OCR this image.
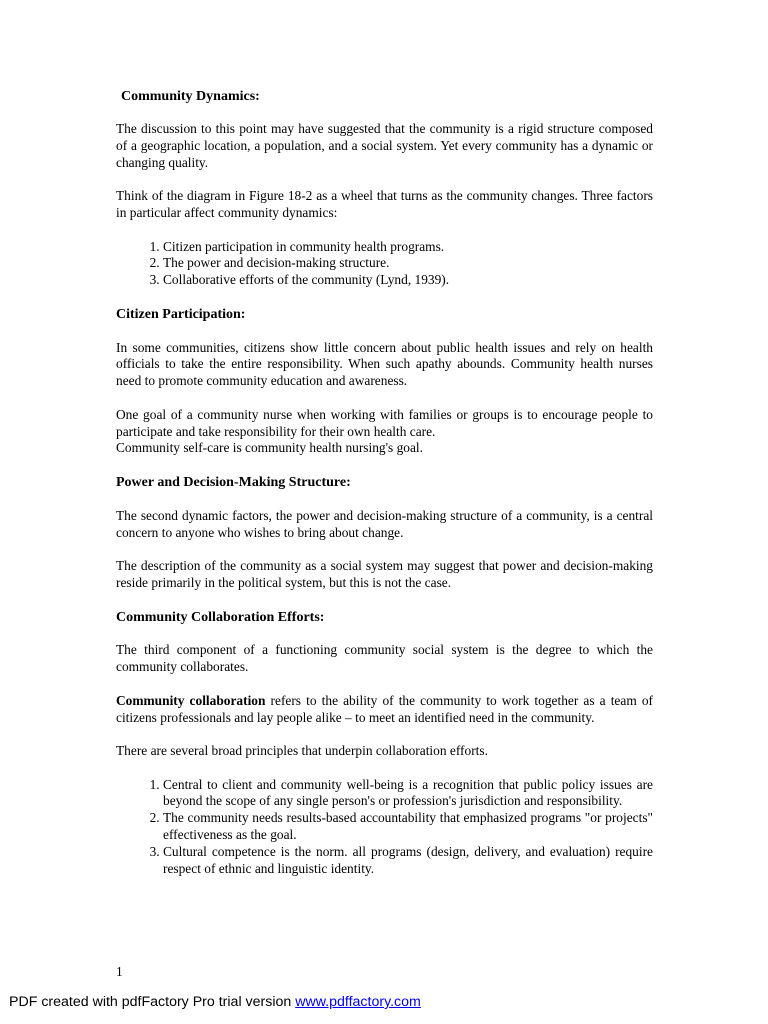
Community Dynamics:

The discussion to this point may have suggested that the community is a rigid structure composed of a geographic location, a population, and a social system. Yet every community has a dynamic or changing quality.

Think of the diagram in Figure 18-2 as a wheel that turns as the community changes. Three factors in particular affect community dynamics:

1. Citizen participation in community health programs.
2. The power and decision-making structure.
3. Collaborative efforts of the community (Lynd, 1939).
Citizen Participation:

In some communities, citizens show little concern about public health issues and rely on health officials to take the entire responsibility. When such apathy abounds. Community health nurses need to promote community education and awareness.

One goal of a community nurse when working with families or groups is to encourage people to participate and take responsibility for their own health care.

Community self-care is community health nursing's goal.

Power and Decision-Making Structure:

The second dynamic factors, the power and decision-making structure of a community, is a central concern to anyone who wishes to bring about change.

The description of the community as a social system may suggest that power and decision-making reside primarily in the political system, but this is not the case.

Community Collaboration Efforts:

The third component of a functioning community social system is the degree to which the community collaborates.

Community collaboration refers to the ability of the community to work together as a team of citizens professionals and lay people alike – to meet an identified need in the community.

There are several broad principles that underpin collaboration efforts.

1. Central to client and community well-being is a recognition that public policy issues are beyond the scope of any single person's or profession's jurisdiction and responsibility.
2. The community needs results-based accountability that emphasized programs "or projects" effectiveness as the goal.
3. Cultural competence is the norm. all programs (design, delivery, and evaluation) require respect of ethnic and linguistic identity.
1
PDF created with pdfFactory Pro trial version www.pdffactory.com
